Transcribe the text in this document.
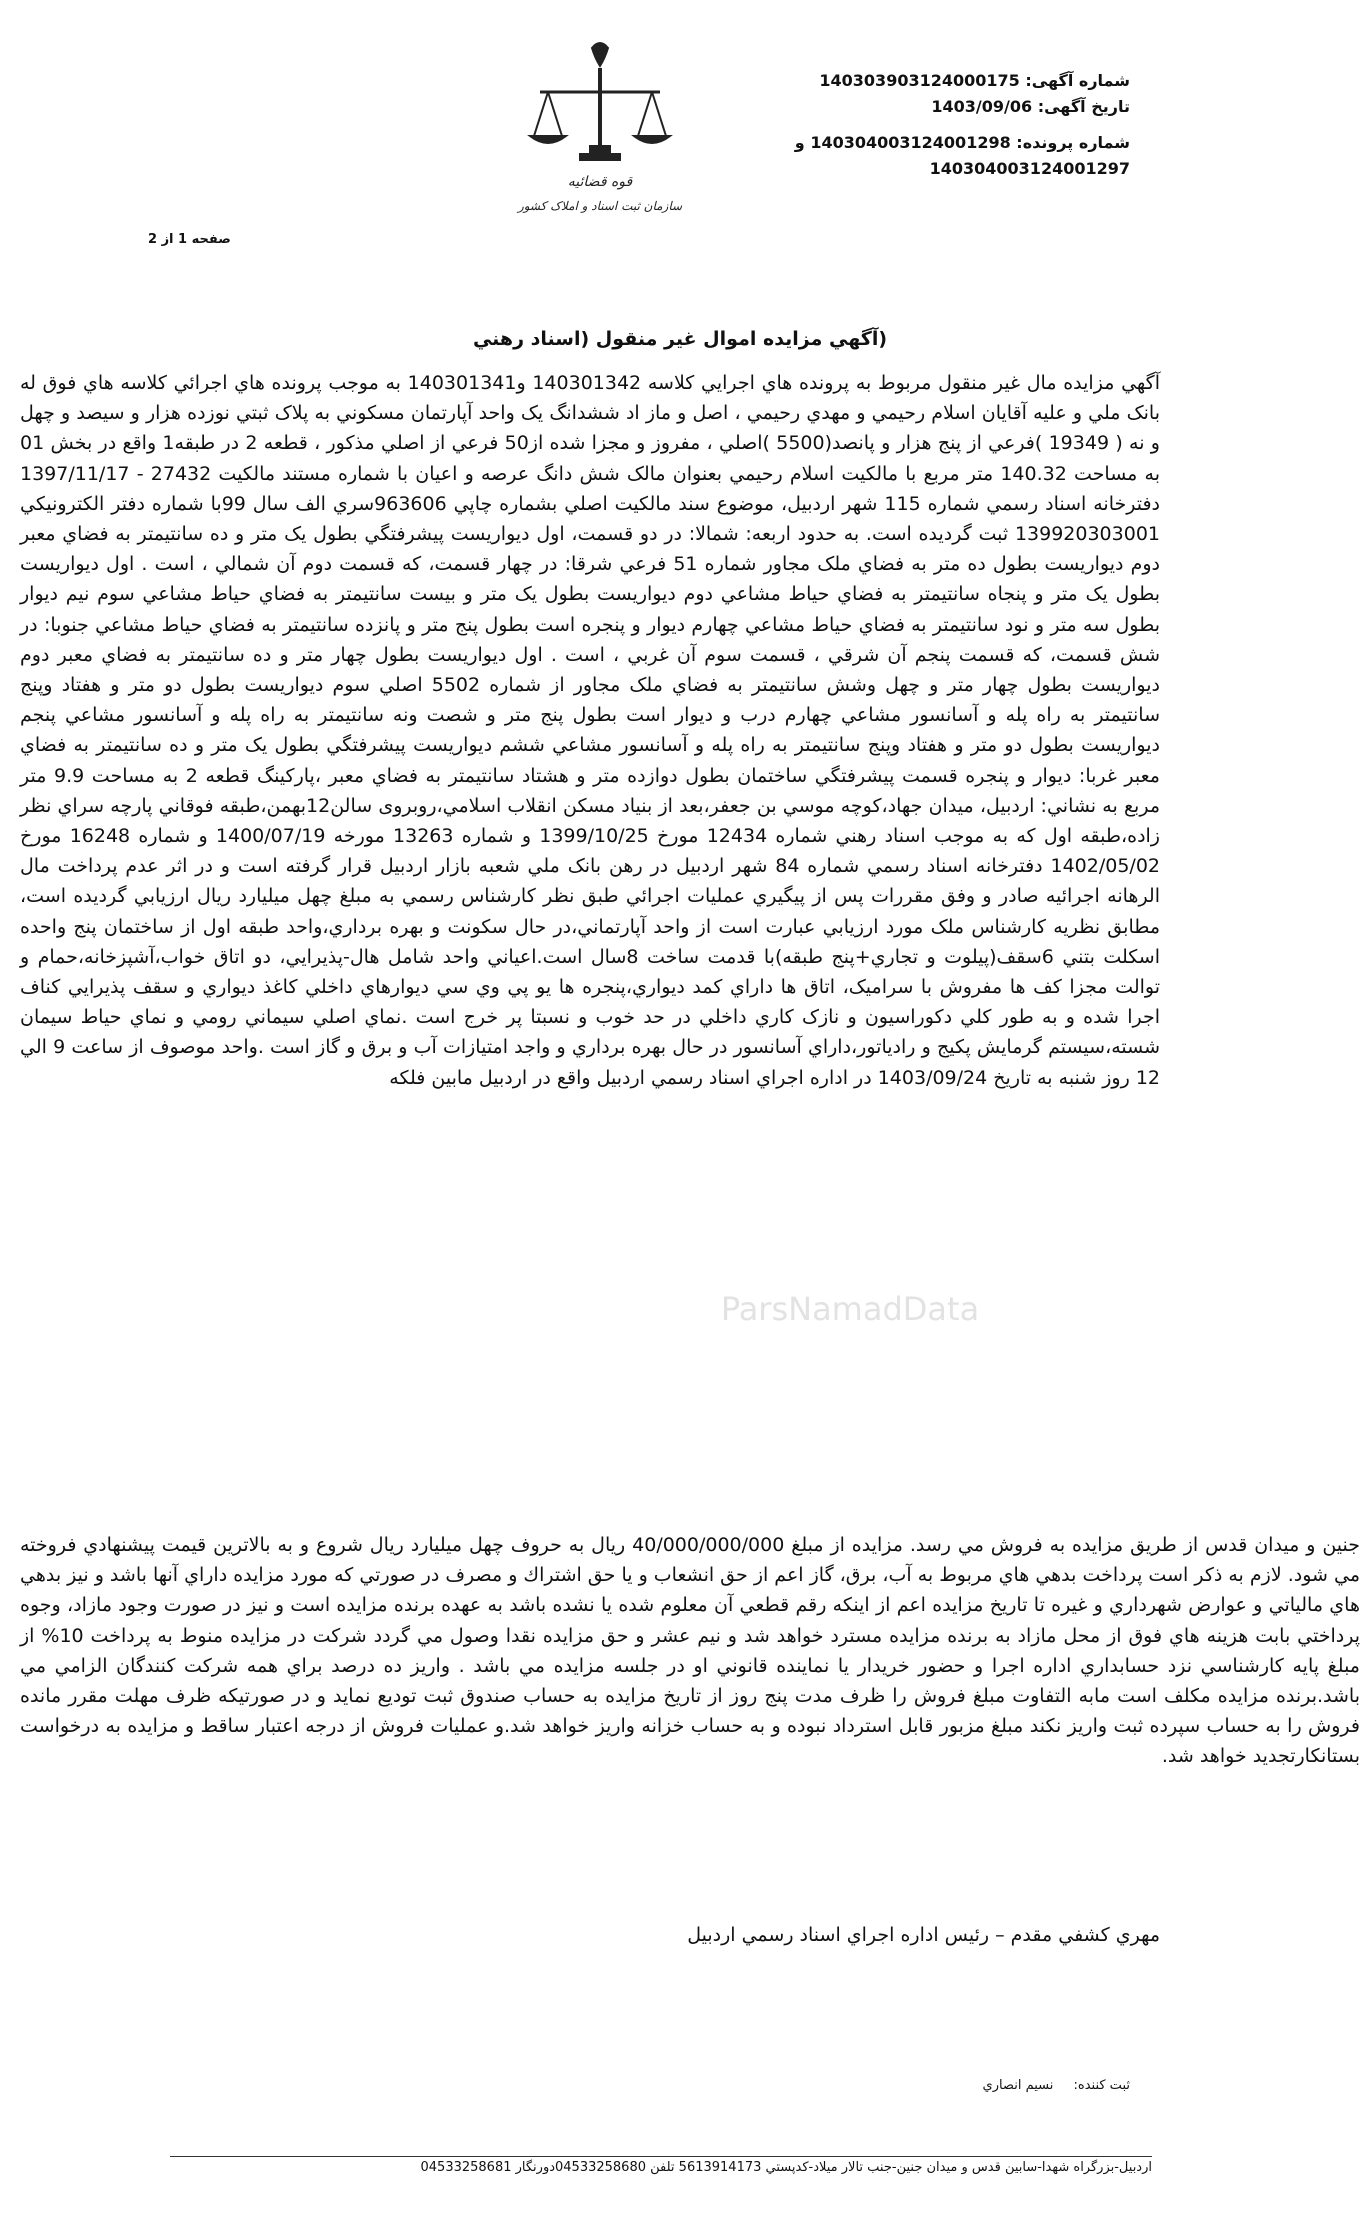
قوه قضائیه
سازمان ثبت اسناد و املاک کشور
شماره آگهی: 14030390312400017​5
تاریخ آگهی: 1403/09/06
شماره پرونده: 140304003124001298 و
140304003124001297
صفحه 1 از 2
(آگهي مزايده اموال غير منقول (اسناد رهني

آگهي مزايده مال غير منقول مربوط به پرونده هاي اجرايي كلاسه 140301342 و140301341 به موجب پرونده هاي اجرائي كلاسه هاي فوق له بانک ملي و عليه آقايان اسلام رحيمي و مهدي رحيمي ، اصل و ماز اد ششدانگ یک واحد آپارتمان مسکوني به پلاک ثبتي نوزده هزار و سيصد و چهل و نه ( 19349 )فرعي از پنج هزار و پانصد(5500 )اصلي ، مفروز و مجزا شده از50 فرعي از اصلي مذکور ، قطعه 2 در طبقه1 واقع در بخش 01 به مساحت 140.32 متر مربع با مالکيت اسلام رحيمي بعنوان مالک شش دانگ عرصه و اعيان با شماره مستند مالکيت 27432 - 1397/11/17 دفترخانه اسناد رسمي شماره 115 شهر اردبيل، موضوع سند مالکيت اصلي بشماره چاپي 963606سري الف سال 99با شماره دفتر الکترونيکي 139920303001 ثبت گرديده است. به حدود اربعه: شمالا: در دو قسمت، اول ديواريست پيشرفتگي بطول يک متر و ده سانتيمتر به فضاي معبر دوم ديواريست بطول ده متر به فضاي ملک مجاور شماره 51 فرعي شرقا: در چهار قسمت، که قسمت دوم آن شمالي ، است . اول ديواريست بطول يک متر و پنجاه سانتيمتر به فضاي حياط مشاعي دوم ديواريست بطول يک متر و بيست سانتيمتر به فضاي حياط مشاعي سوم نيم ديوار بطول سه متر و نود سانتيمتر به فضاي حياط مشاعي چهارم ديوار و پنجره است بطول پنج متر و پانزده سانتيمتر به فضاي حياط مشاعي جنوبا: در شش قسمت، كه قسمت پنجم آن شرقي ، قسمت سوم آن غربي ، است . اول ديواريست بطول چهار متر و ده سانتيمتر به فضاي معبر دوم ديواريست بطول چهار متر و چهل وشش سانتيمتر به فضاي ملک مجاور از شماره 5502 اصلي سوم ديواريست بطول دو متر و هفتاد وپنج سانتيمتر به راه پله و آسانسور مشاعي چهارم درب و ديوار است بطول پنج متر و شصت ونه سانتيمتر به راه پله و آسانسور مشاعي پنجم ديواريست بطول دو متر و هفتاد وپنج سانتيمتر به راه پله و آسانسور مشاعي ششم ديواريست پيشرفتگي بطول يک متر و ده سانتيمتر به فضاي معبر غربا: ديوار و پنجره قسمت پيشرفتگي ساختمان بطول دوازده متر و هشتاد سانتيمتر به فضاي معبر ،پارکينگ قطعه 2 به مساحت 9.9 متر مربع به نشاني: اردبيل، ميدان جهاد،کوچه موسي بن جعفر،بعد از بنياد مسکن انقلاب اسلامي،روبروی سالن12بهمن،طبقه فوقاني پارچه سراي نظر زاده،طبقه اول که به موجب اسناد رهني شماره 12434 مورخ 1399/10/25 و شماره 13263 مورخه 1400/07/19 و شماره 16248 مورخ 1402/05/02 دفترخانه اسناد رسمي شماره 84 شهر اردبيل در رهن بانک ملي شعبه بازار اردبيل قرار گرفته است و در اثر عدم پرداخت مال الرهانه اجرائيه صادر و وفق مقررات پس از پيگيري عمليات اجرائي طبق نظر کارشناس رسمي به مبلغ چهل ميليارد ريال ارزيابي گرديده است، مطابق نظريه كارشناس ملک مورد ارزيابي عبارت است از واحد آپارتماني،در حال سكونت و بهره برداري،واحد طبقه اول از ساختمان پنج واحده اسكلت بتني 6سقف(پيلوت و تجاري+پنج طبقه)با قدمت ساخت 8سال است.اعياني واحد شامل هال-پذيرايي، دو اتاق خواب،آشپزخانه،حمام و توالت مجزا كف ها مفروش با سراميک، اتاق ها داراي كمد ديواري،پنجره ها يو پي وي سي ديوارهاي داخلي كاغذ ديواري و سقف پذيرايي كناف اجرا شده و به طور كلي دكوراسيون و نازک كاري داخلي در حد خوب و نسبتا پر خرج است .نماي اصلي سيماني رومي و نماي حياط سيمان شسته،سيستم گرمايش پكيج و رادياتور،داراي آسانسور در حال بهره برداري و واجد امتيازات آب و برق و گاز است .واحد موصوف از ساعت 9 الي 12 روز شنبه به تاريخ 1403/09/24 در اداره اجراي اسناد رسمي اردبيل واقع در اردبيل مابين فلکه

جنين و ميدان قدس از طريق مزايده به فروش مي رسد. مزايده از مبلغ 40/000/000/000 ريال به حروف چهل ميليارد ريال شروع و به بالاترين قيمت پيشنهادي فروخته مي شود. لازم به ذكر است پرداخت بدهي هاي مربوط به آب، برق، گاز اعم از حق انشعاب و يا حق اشتراك و مصرف در صورتي كه مورد مزايده داراي آنها باشد و نيز بدهي هاي مالياتي و عوارض شهرداري و غيره تا تاريخ مزايده اعم از اينكه رقم قطعي آن معلوم شده يا نشده باشد به عهده برنده مزايده است و نيز در صورت وجود مازاد، وجوه پرداختي بابت هزينه هاي فوق از محل مازاد به برنده مزايده مسترد خواهد شد و نيم عشر و حق مزايده نقدا وصول مي گردد شركت در مزايده منوط به پرداخت 10% از مبلغ پايه كارشناسي نزد حسابداري اداره اجرا و حضور خريدار يا نماينده قانوني او در جلسه مزايده مي باشد . واريز ده درصد براي همه شركت كنندگان الزامي مي باشد.برنده مزايده مكلف است مابه التفاوت مبلغ فروش را ظرف مدت پنج روز از تاريخ مزايده به حساب صندوق ثبت توديع نمايد و در صورتيكه ظرف مهلت مقرر مانده فروش را به حساب سپرده ثبت واريز نكند مبلغ مزبور قابل استرداد نبوده و به حساب خزانه واريز خواهد شد.و عمليات فروش از درجه اعتبار ساقط و مزايده به درخواست بستانكارتجديد خواهد شد.

مهري كشفي مقدم – رئيس اداره اجراي اسناد رسمي اردبيل
ParsNamadData
ثبت كننده: نسيم انصاري
اردبيل-بزرگراه شهدا-سابين قدس و ميدان جنين-جنب تالار ميلاد-كدپستي 5613914173 تلفن 04533258680دورنگار 04533258681
